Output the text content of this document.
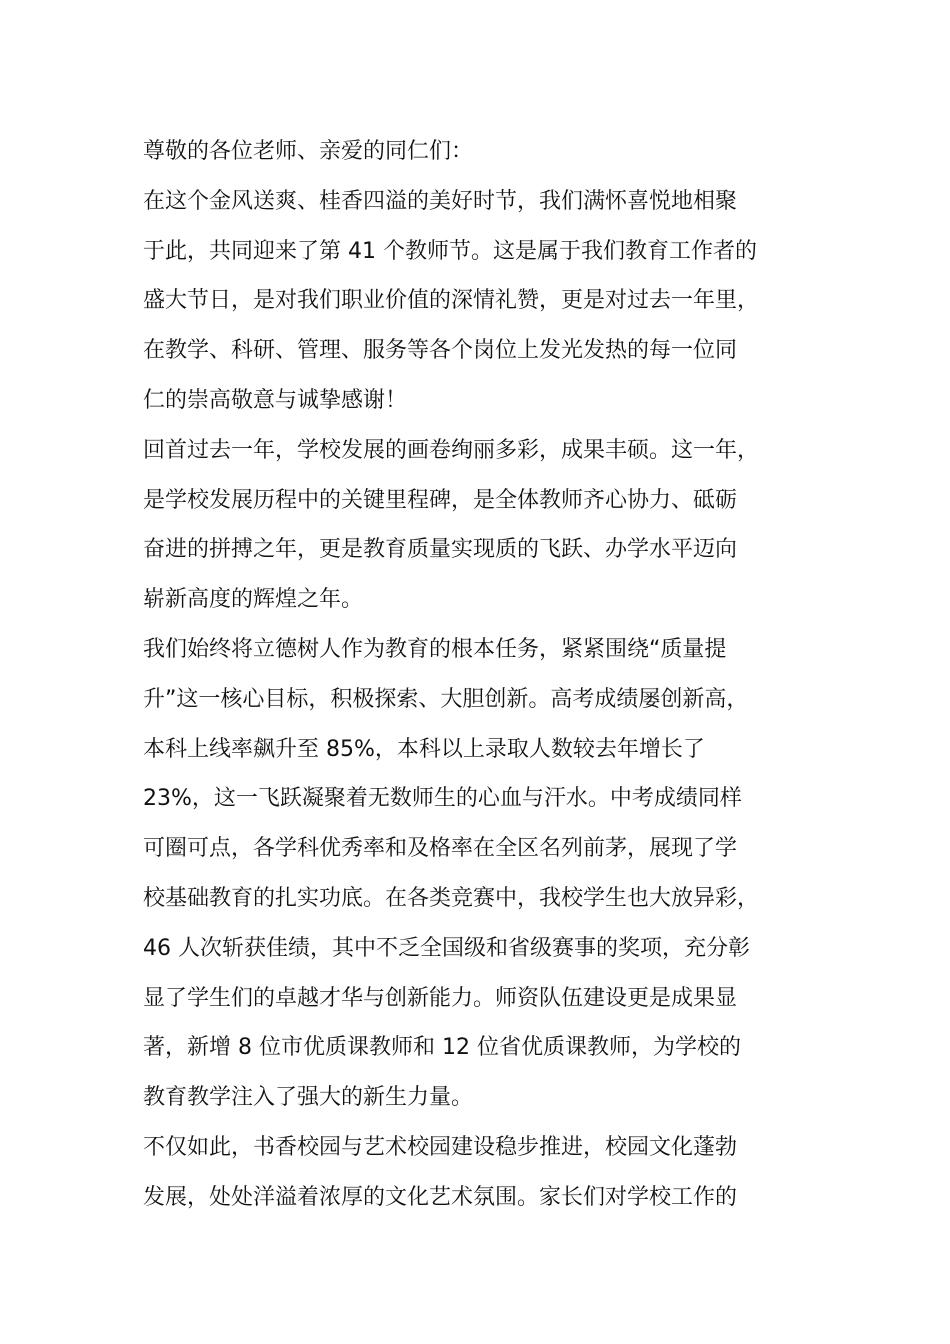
尊敬的各位老师、亲爱的同仁们：
在这个金风送爽、桂香四溢的美好时节，我们满怀喜悦地相聚
于此，共同迎来了第 41 个教师节。这是属于我们教育工作者的
盛大节日，是对我们职业价值的深情礼赞，更是对过去一年里，
在教学、科研、管理、服务等各个岗位上发光发热的每一位同
仁的崇高敬意与诚挚感谢！
回首过去一年，学校发展的画卷绚丽多彩，成果丰硕。这一年，
是学校发展历程中的关键里程碑，是全体教师齐心协力、砥砺
奋进的拼搏之年，更是教育质量实现质的飞跃、办学水平迈向
崭新高度的辉煌之年。
我们始终将立德树人作为教育的根本任务，紧紧围绕“质量提
升”这一核心目标，积极探索、大胆创新。高考成绩屡创新高，
本科上线率飙升至 85%，本科以上录取人数较去年增长了
23%，这一飞跃凝聚着无数师生的心血与汗水。中考成绩同样
可圈可点，各学科优秀率和及格率在全区名列前茅，展现了学
校基础教育的扎实功底。在各类竞赛中，我校学生也大放异彩，
46 人次斩获佳绩，其中不乏全国级和省级赛事的奖项，充分彰
显了学生们的卓越才华与创新能力。师资队伍建设更是成果显
著，新增 8 位市优质课教师和 12 位省优质课教师，为学校的
教育教学注入了强大的新生力量。
不仅如此，书香校园与艺术校园建设稳步推进，校园文化蓬勃
发展，处处洋溢着浓厚的文化艺术氛围。家长们对学校工作的
